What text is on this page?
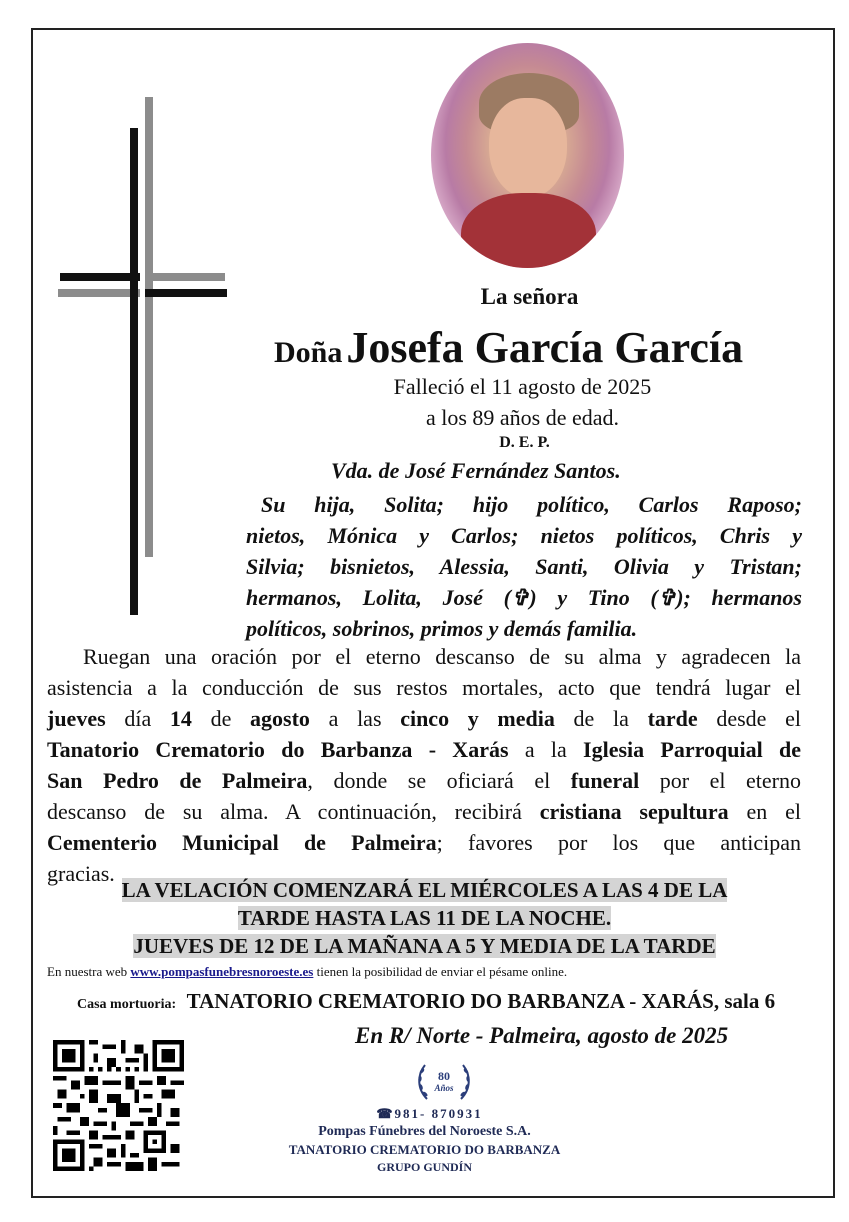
La señora
Doña Josefa García García
Falleció el 11 agosto de 2025
a los 89 años de edad.
D. E. P.
Vda. de José Fernández Santos.
Su hija, Solita; hijo político, Carlos Raposo;
nietos, Mónica y Carlos; nietos políticos, Chris y
Silvia; bisnietos, Alessia, Santi, Olivia y Tristan;
hermanos, Lolita, José (✞) y Tino (✞); hermanos
políticos, sobrinos, primos y demás familia.
Ruegan una oración por el eterno descanso de su alma y agradecen la
asistencia a la conducción de sus restos mortales, acto que tendrá lugar el
jueves día 14 de agosto a las cinco y media de la tarde desde el
Tanatorio Crematorio do Barbanza - Xarás a la Iglesia Parroquial de
San Pedro de Palmeira, donde se oficiará el funeral por el eterno
descanso de su alma. A continuación, recibirá cristiana sepultura en el
Cementerio Municipal de Palmeira; favores por los que anticipan
gracias.
LA VELACIÓN COMENZARÁ EL MIÉRCOLES A LAS 4 DE LA
TARDE HASTA LAS 11 DE LA NOCHE.
JUEVES DE 12 DE LA MAÑANA A 5 Y MEDIA DE LA TARDE
En nuestra web www.pompasfunebresnoroeste.es tienen la posibilidad de enviar el pésame online.
Casa mortuoria: TANATORIO CREMATORIO DO BARBANZA - XARÁS, sala 6
En R/ Norte - Palmeira, agosto de 2025
80
Años
☎981- 870931
Pompas Fúnebres del Noroeste S.A.
TANATORIO CREMATORIO DO BARBANZA
GRUPO GUNDÍN
